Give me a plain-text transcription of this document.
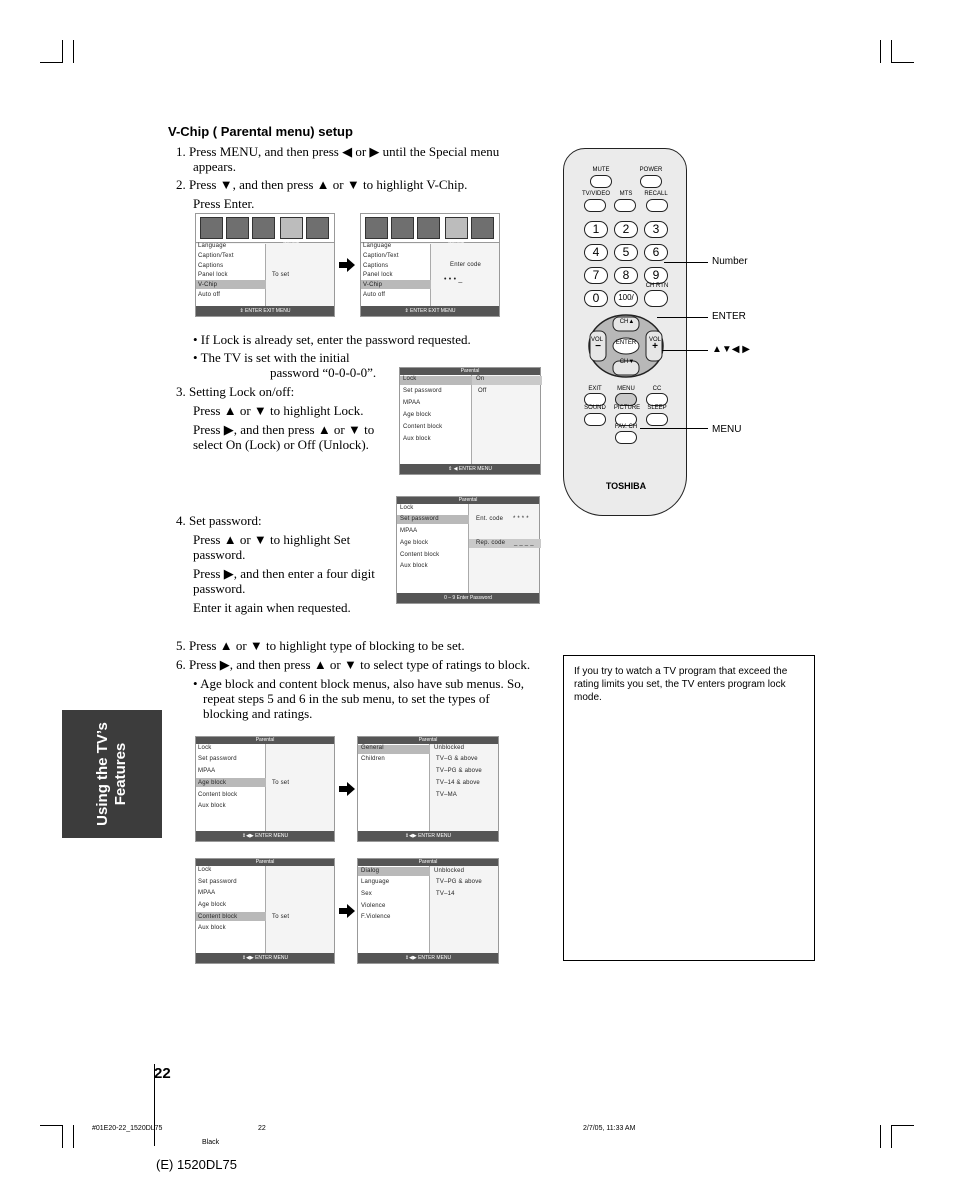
Using the TV’s Features
V-Chip ( Parental menu) setup
1. Press MENU, and then press ◀ or ▶ until the Special menu
appears.
2. Press ▼, and then press ▲ or ▼ to highlight V-Chip.
Press Enter.
Special
Language
Caption/Text
Captions
Panel lock
V-Chip
Auto off
To set
⇕ ENTER EXIT MENU
Special
Language
Caption/Text
Captions
Panel lock
V-Chip
Auto off
Enter code
• • • _
⇕ ENTER EXIT MENU
• If Lock is already set, enter the password requested.
• The TV is set with the initial
password “0-0-0-0”.
3. Setting Lock on/off:
Press ▲ or ▼ to highlight Lock.
Press ▶, and then press ▲ or ▼ to
select On (Lock) or Off (Unlock).
Parental
Lock
Set password
MPAA
Age block
Content block
Aux block
On
Off
⇕ ◀ ENTER MENU
4. Set password:
Press ▲ or ▼ to highlight Set
password.
Press ▶, and then enter a four digit
password.
Enter it again when requested.
Parental
Lock
Set password
MPAA
Age block
Content block
Aux block
Ent. code * * * *
Rep. code _ _ _ _
0 – 9 Enter Password
5. Press ▲ or ▼ to highlight type of blocking to be set.
6. Press ▶, and then press ▲ or ▼ to select type of ratings to block.
• Age block and content block menus, also have sub menus. So,
repeat steps 5 and 6 in the sub menu, to set the types of
blocking and ratings.
Parental
Lock
Set password
MPAA
Age block
Content block
Aux block
To set
⇕◀▶ ENTER MENU
Parental
General
Children
Unblocked
TV–G & above
TV–PG & above
TV–14 & above
TV–MA
⇕◀▶ ENTER MENU
Parental
Lock
Set password
MPAA
Age block
Content block
Aux block
To set
⇕◀▶ ENTER MENU
Parental
Dialog
Language
Sex
Violence
F.Violence
Unblocked
TV–PG & above
TV–14
⇕◀▶ ENTER MENU
MUTE	POWER
TV/VIDEO	MTS	RECALL
1	2	3
4	5	6
7	8	9
0	100/
CH RTN
CH▲
CH▼
VOL	VOL
−	+
ENTER
EXIT	MENU	CC
SOUND	PICTURE	SLEEP
FAV. CH
TOSHIBA
Number
ENTER
▲▼◀ ▶
MENU
If you try to watch a TV program that exceed the rating limits you set, the TV enters program lock mode.
22
(E) 1520DL75
#01E20-22_1520DL75	22	2/7/05, 11:33 AM
Black
